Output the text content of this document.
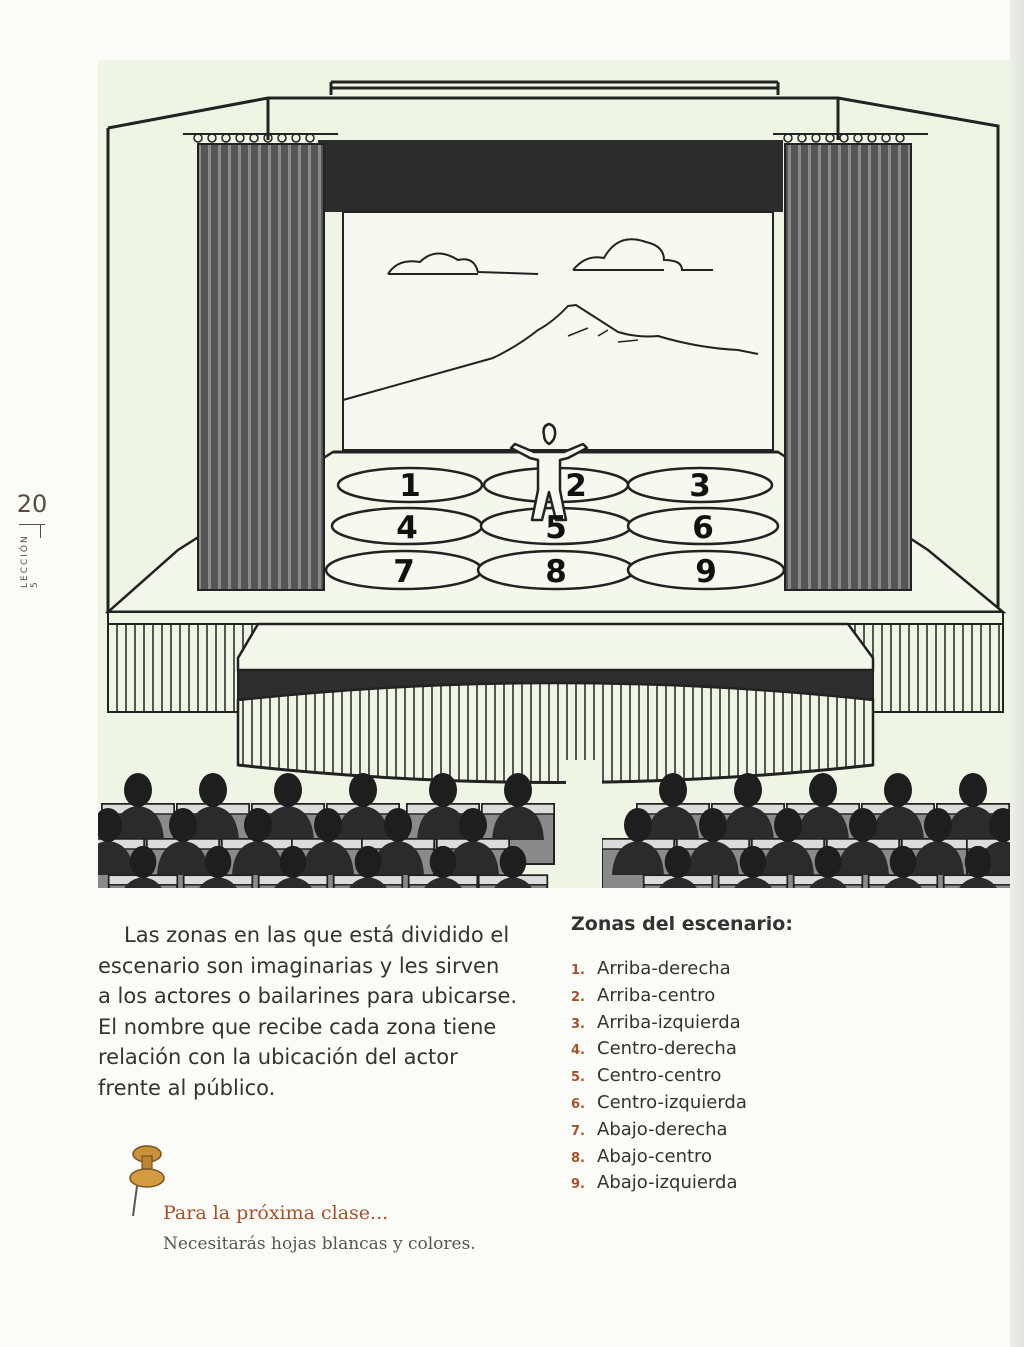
20
LECCIÓN 5
1	2	3
4	5	6
7	8	9
Las zonas en las que está dividido el escenario son imaginarias y les sirven a los actores o bailarines para ubicarse. El nombre que recibe cada zona tiene relación con la ubicación del actor frente al público.
Zonas del escenario:
1. Arriba-derecha
2. Arriba-centro
3. Arriba-izquierda
4. Centro-derecha
5. Centro-centro
6. Centro-izquierda
7. Abajo-derecha
8. Abajo-centro
9. Abajo-izquierda
Para la próxima clase...
Necesitarás hojas blancas y colores.
